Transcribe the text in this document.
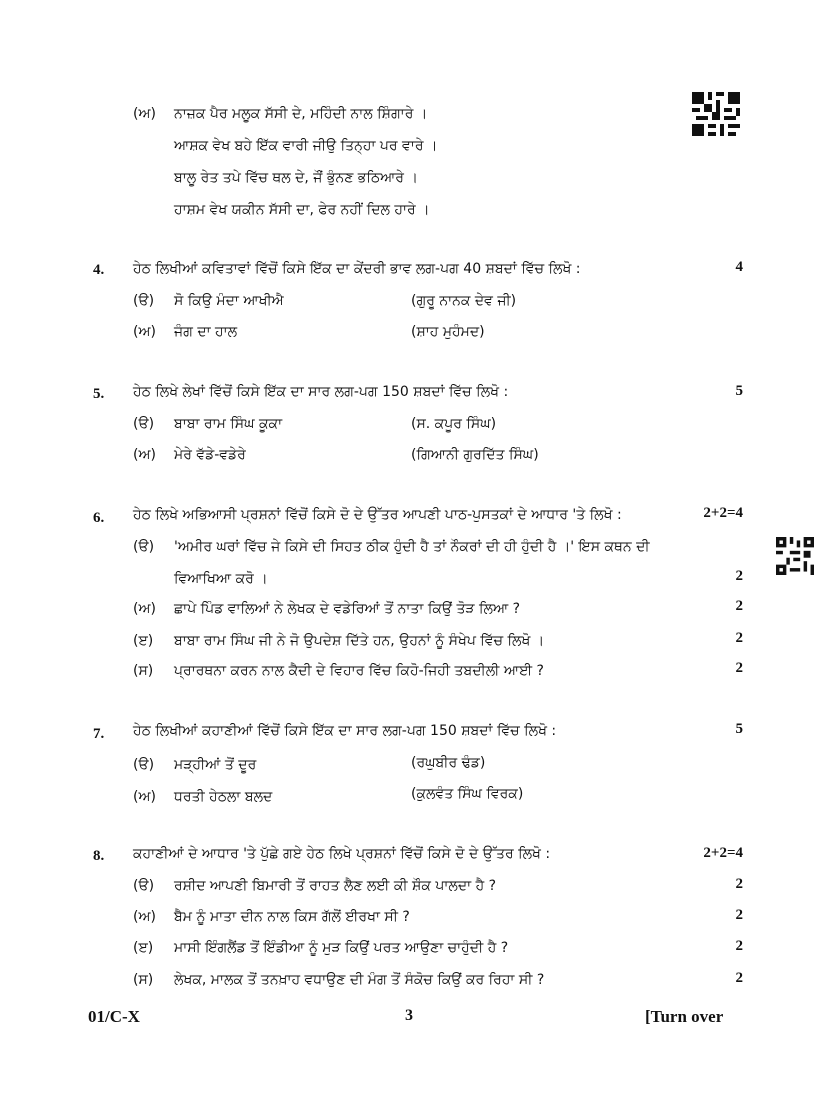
(ਅ) ਨਾਜ਼ਕ ਪੈਰ ਮਲੂਕ ਸੱਸੀ ਦੇ, ਮਹਿੰਦੀ ਨਾਲ ਸ਼ਿੰਗਾਰੇ ।
ਆਸ਼ਕ ਵੇਖ ਬਹੇ ਇੱਕ ਵਾਰੀ ਜੀਉ ਤਿਨ੍ਹਾ ਪਰ ਵਾਰੇ ।
ਬਾਲੂ ਰੇਤ ਤਪੇ ਵਿੱਚ ਥਲ ਦੇ, ਜੌਂ ਭੁੰਨਣ ਭਠਿਆਰੇ ।
ਹਾਸ਼ਮ ਵੇਖ ਯਕੀਨ ਸੱਸੀ ਦਾ, ਫੇਰ ਨਹੀਂ ਦਿਲ ਹਾਰੇ ।
4. ਹੇਠ ਲਿਖੀਆਂ ਕਵਿਤਾਵਾਂ ਵਿੱਚੋਂ ਕਿਸੇ ਇੱਕ ਦਾ ਕੇਂਦਰੀ ਭਾਵ ਲਗ-ਪਗ 40 ਸ਼ਬਦਾਂ ਵਿੱਚ ਲਿਖੋ :	4
(ੳ) ਸੋ ਕਿਉ ਮੰਦਾ ਆਖੀਐ	(ਗੁਰੂ ਨਾਨਕ ਦੇਵ ਜੀ)
(ਅ) ਜੰਗ ਦਾ ਹਾਲ	(ਸ਼ਾਹ ਮੁਹੰਮਦ)
5. ਹੇਠ ਲਿਖੇ ਲੇਖਾਂ ਵਿੱਚੋਂ ਕਿਸੇ ਇੱਕ ਦਾ ਸਾਰ ਲਗ-ਪਗ 150 ਸ਼ਬਦਾਂ ਵਿੱਚ ਲਿਖੋ :	5
(ੳ) ਬਾਬਾ ਰਾਮ ਸਿੰਘ ਕੂਕਾ	(ਸ. ਕਪੂਰ ਸਿੰਘ)
(ਅ) ਮੇਰੇ ਵੱਡੇ-ਵਡੇਰੇ	(ਗਿਆਨੀ ਗੁਰਦਿੱਤ ਸਿੰਘ)
6. ਹੇਠ ਲਿਖੇ ਅਭਿਆਸੀ ਪ੍ਰਸ਼ਨਾਂ ਵਿੱਚੋਂ ਕਿਸੇ ਦੋ ਦੇ ਉੱਤਰ ਆਪਣੀ ਪਾਠ-ਪੁਸਤਕਾਂ ਦੇ ਆਧਾਰ 'ਤੇ ਲਿਖੋ :	2+2=4
(ੳ) 'ਅਮੀਰ ਘਰਾਂ ਵਿੱਚ ਜੇ ਕਿਸੇ ਦੀ ਸਿਹਤ ਠੀਕ ਹੁੰਦੀ ਹੈ ਤਾਂ ਨੌਕਰਾਂ ਦੀ ਹੀ ਹੁੰਦੀ ਹੈ ।' ਇਸ ਕਥਨ ਦੀ
ਵਿਆਖਿਆ ਕਰੋ ।	2
(ਅ) ਛਾਪੇ ਪਿੰਡ ਵਾਲਿਆਂ ਨੇ ਲੇਖਕ ਦੇ ਵਡੇਰਿਆਂ ਤੋਂ ਨਾਤਾ ਕਿਉਂ ਤੋੜ ਲਿਆ ?	2
(ੲ) ਬਾਬਾ ਰਾਮ ਸਿੰਘ ਜੀ ਨੇ ਜੋ ਉਪਦੇਸ਼ ਦਿੱਤੇ ਹਨ, ਉਹਨਾਂ ਨੂੰ ਸੰਖੇਪ ਵਿੱਚ ਲਿਖੋ ।	2
(ਸ) ਪ੍ਰਾਰਥਨਾ ਕਰਨ ਨਾਲ ਕੈਦੀ ਦੇ ਵਿਹਾਰ ਵਿੱਚ ਕਿਹੋ-ਜਿਹੀ ਤਬਦੀਲੀ ਆਈ ?	2
7. ਹੇਠ ਲਿਖੀਆਂ ਕਹਾਣੀਆਂ ਵਿੱਚੋਂ ਕਿਸੇ ਇੱਕ ਦਾ ਸਾਰ ਲਗ-ਪਗ 150 ਸ਼ਬਦਾਂ ਵਿੱਚ ਲਿਖੋ :	5
(ੳ) ਮੜ੍ਹੀਆਂ ਤੋਂ ਦੂਰ	(ਰਘੁਬੀਰ ਢੰਡ)
(ਅ) ਧਰਤੀ ਹੇਠਲਾ ਬਲਦ	(ਕੁਲਵੰਤ ਸਿੰਘ ਵਿਰਕ)
8. ਕਹਾਣੀਆਂ ਦੇ ਆਧਾਰ 'ਤੇ ਪੁੱਛੇ ਗਏ ਹੇਠ ਲਿਖੇ ਪ੍ਰਸ਼ਨਾਂ ਵਿੱਚੋਂ ਕਿਸੇ ਦੋ ਦੇ ਉੱਤਰ ਲਿਖੋ :	2+2=4
(ੳ) ਰਸ਼ੀਦ ਆਪਣੀ ਬਿਮਾਰੀ ਤੋਂ ਰਾਹਤ ਲੈਣ ਲਈ ਕੀ ਸ਼ੌਕ ਪਾਲਦਾ ਹੈ ?	2
(ਅ) ਬੈਮ ਨੂੰ ਮਾਤਾ ਦੀਨ ਨਾਲ ਕਿਸ ਗੱਲੋਂ ਈਰਖਾ ਸੀ ?	2
(ੲ) ਮਾਸੀ ਇੰਗਲੈਂਡ ਤੋਂ ਇੰਡੀਆ ਨੂੰ ਮੁੜ ਕਿਉਂ ਪਰਤ ਆਉਣਾ ਚਾਹੁੰਦੀ ਹੈ ?	2
(ਸ) ਲੇਖਕ, ਮਾਲਕ ਤੋਂ ਤਨਖ਼ਾਹ ਵਧਾਉਣ ਦੀ ਮੰਗ ਤੋਂ ਸੰਕੋਚ ਕਿਉਂ ਕਰ ਰਿਹਾ ਸੀ ?	2
01/C-X	3	[Turn over
